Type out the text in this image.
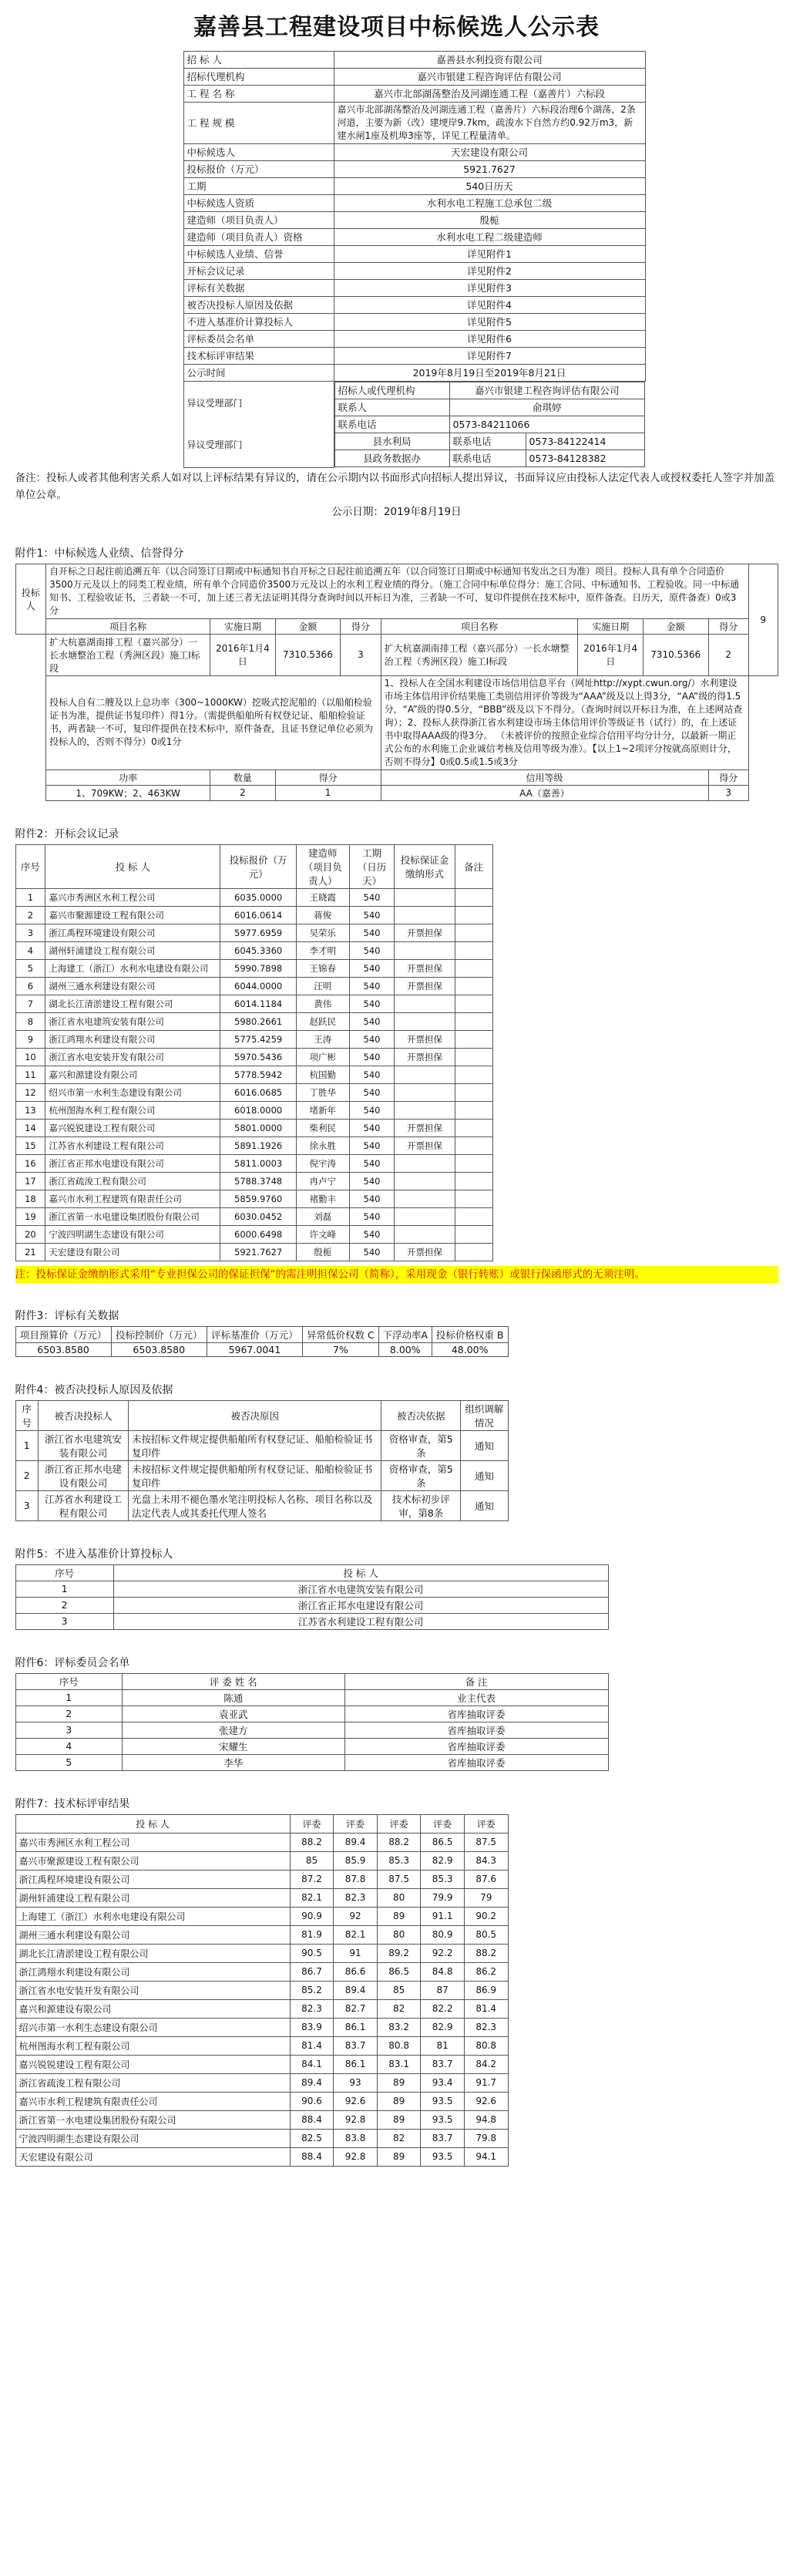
嘉善县工程建设项目中标候选人公示表
招 标 人	嘉善县水利投资有限公司
招标代理机构	嘉兴市银建工程咨询评估有限公司
工 程 名 称	嘉兴市北部湖荡整治及河湖连通工程（嘉善片）六标段
工 程 规 模	嘉兴市北部湖荡整治及河湖连通工程（嘉善片）六标段治理6个湖荡，2条河道，主要为新（改）建埂岸9.7km，疏浚水下自然方约0.92万m3，新建水闸1座及机埠3座等，详见工程量清单。
中标候选人	天宏建设有限公司
投标报价（万元）	5921.7627
工期	540日历天
中标候选人资质	水利水电工程施工总承包二级
建造师（项目负责人）	殷栀
建造师（项目负责人）资格	水利水电工程二级建造师
中标候选人业绩、信誉	详见附件1
开标会议记录	详见附件2
评标有关数据	详见附件3
被否决投标人原因及依据	详见附件4
不进入基准价计算投标人	详见附件5
评标委员会名单	详见附件6
技术标评审结果	详见附件7
公示时间	2019年8月19日至2019年8月21日
异议受理部门

异议受理部门	
招标人或代理机构	嘉兴市银建工程咨询评估有限公司
联系人	俞琪婷
联系电话	0573-84211066
县水利局	联系电话	0573-84122414
县政务数据办	联系电话	0573-84128382

备注：投标人或者其他利害关系人如对以上评标结果有异议的，请在公示期内以书面形式向招标人提出异议，书面异议应由投标人法定代表人或授权委托人签字并加盖单位公章。

公示日期：2019年8月19日

附件1：中标候选人业绩、信誉得分
投标人	自开标之日起往前追溯五年（以合同签订日期或中标通知书自开标之日起往前追溯五年（以合同签订日期或中标通知书发出之日为准）项目。投标人具有单个合同造价3500万元及以上的同类工程业绩，所有单个合同造价3500万元及以上的水利工程业绩的得分。（施工合同中标单位得分：施工合同、中标通知书、工程验收。同一中标通知书、工程验收证书，三者缺一不可，加上述三者无法证明其得分查询时间以开标日为准，三者缺一不可，复印件提供在技术标中，原件备查。日历天，原件备查）0或3分								9
	项目名称	实施日期	金额	得分	项目名称	实施日期	金额	得分	
	扩大杭嘉湖南排工程（嘉兴部分）一长水塘整治工程（秀洲区段）施工Ⅰ标段	2016年1月4日	7310.5366	3	扩大杭嘉湖南排工程（嘉兴部分）一长水塘整治工程（秀洲区段）施工Ⅰ标段	2016年1月4日	7310.5366	2	
	投标人自有二艘及以上总功率（300~1000KW）挖吸式挖泥船的（以船舶检验证书为准，提供证书复印件）得1分。（需提供船舶所有权登记证、船舶检验证书，两者缺一不可，复印件提供在技术标中，原件备查，且证书登记单位必须为投标人的，否则不得分）0或1分				1、投标人在全国水利建设市场信用信息平台（网址http://xypt.cwun.org/）水利建设市场主体信用评价结果施工类别信用评价等级为“AAA”级及以上得3分，“AA”级的得1.5分，“A”级的得0.5分，“BBB”级及以下不得分。（查询时间以开标日为准，在上述网站查询）；2、投标人获得浙江省水利建设市场主体信用评价等级证书（试行）的，在上述证书中取得AAA级的得3分。 （未被评价的按照企业综合信用平均分计分，以最新一期正式公布的水利施工企业诚信考核及信用等级为准）。【以上1~2项评分按就高原则计分，否则不得分】0或0.5或1.5或3分				
	功率	数量	得分		信用等级			得分	
	1、709KW；2、463KW	2	1		AA（嘉善）			3	
附件2：开标会议记录
序号	投 标 人	投标报价（万元）	建造师（项目负责人）	工期（日历天）	投标保证金缴纳形式	备注
1	嘉兴市秀洲区水利工程公司	6035.0000	王晓霞	540		
2	嘉兴市聚源建设工程有限公司	6016.0614	蒋俊	540		
3	浙江禹程环境建设有限公司	5977.6959	吴荣乐	540	开票担保	
4	湖州轩浦建设工程有限公司	6045.3360	李才明	540		
5	上海建工（浙江）水利水电建设有限公司	5990.7898	王锦春	540	开票担保	
6	湖州三通水利建设有限公司	6044.0000	汪明	540	开票担保	
7	湖北长江清淤建设工程有限公司	6014.1184	黄伟	540		
8	浙江省水电建筑安装有限公司	5980.2661	赵跃民	540		
9	浙江鸿翔水利建设有限公司	5775.4259	王涛	540	开票担保	
10	浙江省水电安装开发有限公司	5970.5436	项广彬	540	开票担保	
11	嘉兴和源建设有限公司	5778.5942	杭国勤	540		
12	绍兴市第一水利生态建设有限公司	6016.0685	丁胜华	540		
13	杭州图海水利工程有限公司	6018.0000	堵新年	540		
14	嘉兴锐锐建设工程有限公司	5801.0000	柴利民	540	开票担保	
15	江苏省水利建设工程有限公司	5891.1926	徐永胜	540	开票担保	
16	浙江省正邦水电建设有限公司	5811.0003	倪宇涛	540		
17	浙江省疏浚工程有限公司	5788.3748	冉卢宁	540		
18	嘉兴市水利工程建筑有限责任公司	5859.9760	褚勤丰	540		
19	浙江省第一水电建设集团股份有限公司	6030.0452	刘磊	540		
20	宁波四明湖生态建设有限公司	6000.6498	许文峰	540		
21	天宏建设有限公司	5921.7627	殷栀	540	开票担保	

注：投标保证金缴纳形式采用“专业担保公司的保证担保”的需注明担保公司（简称），采用现金（银行转账）或银行保函形式的无须注明。

附件3：评标有关数据
项目预算价（万元）	投标控制价（万元）	评标基准价（万元）	异常低价权数 C	下浮动率A	投标价格权重 B
6503.8580	6503.8580	5967.0041	7%	8.00%	48.00%
附件4：被否决投标人原因及依据
序号	被否决投标人	被否决原因	被否决依据	组织调解情况
1	浙江省水电建筑安装有限公司	未按招标文件规定提供船舶所有权登记证、船舶检验证书复印件	资格审查，第5条	通知
2	浙江省正邦水电建设有限公司	未按招标文件规定提供船舶所有权登记证、船舶检验证书复印件	资格审查，第5条	通知
3	江苏省水利建设工程有限公司	光盘上未用不褪色墨水笔注明投标人名称、项目名称以及法定代表人或其委托代理人签名	技术标初步评审，第8条	通知
附件5：不进入基准价计算投标人
序号	投 标 人
1	浙江省水电建筑安装有限公司
2	浙江省正邦水电建设有限公司
3	江苏省水利建设工程有限公司
附件6：评标委员会名单
序号	评 委 姓 名	备 注
1	陈通	业主代表
2	袁亚武	省库抽取评委
3	张建方	省库抽取评委
4	宋耀生	省库抽取评委
5	李华	省库抽取评委
附件7：技术标评审结果
投 标 人	评委	评委	评委	评委	评委
嘉兴市秀洲区水利工程公司	88.2	89.4	88.2	86.5	87.5
嘉兴市聚源建设工程有限公司	85	85.9	85.3	82.9	84.3
浙江禹程环境建设有限公司	87.2	87.8	87.5	85.3	87.6
湖州轩浦建设工程有限公司	82.1	82.3	80	79.9	79
上海建工（浙江）水利水电建设有限公司	90.9	92	89	91.1	90.2
湖州三通水利建设有限公司	81.9	82.1	80	80.9	80.5
湖北长江清淤建设工程有限公司	90.5	91	89.2	92.2	88.2
浙江鸿翔水利建设有限公司	86.7	86.6	86.5	84.8	86.2
浙江省水电安装开发有限公司	85.2	89.4	85	87	86.9
嘉兴和源建设有限公司	82.3	82.7	82	82.2	81.4
绍兴市第一水利生态建设有限公司	83.9	86.1	83.2	82.9	82.3
杭州图海水利工程有限公司	81.4	83.7	80.8	81	80.8
嘉兴锐锐建设工程有限公司	84.1	86.1	83.1	83.7	84.2
浙江省疏浚工程有限公司	89.4	93	89	93.4	91.7
嘉兴市水利工程建筑有限责任公司	90.6	92.6	89	93.5	92.6
浙江省第一水电建设集团股份有限公司	88.4	92.8	89	93.5	94.8
宁波四明湖生态建设有限公司	82.5	83.8	82	83.7	79.8
天宏建设有限公司	88.4	92.8	89	93.5	94.1
